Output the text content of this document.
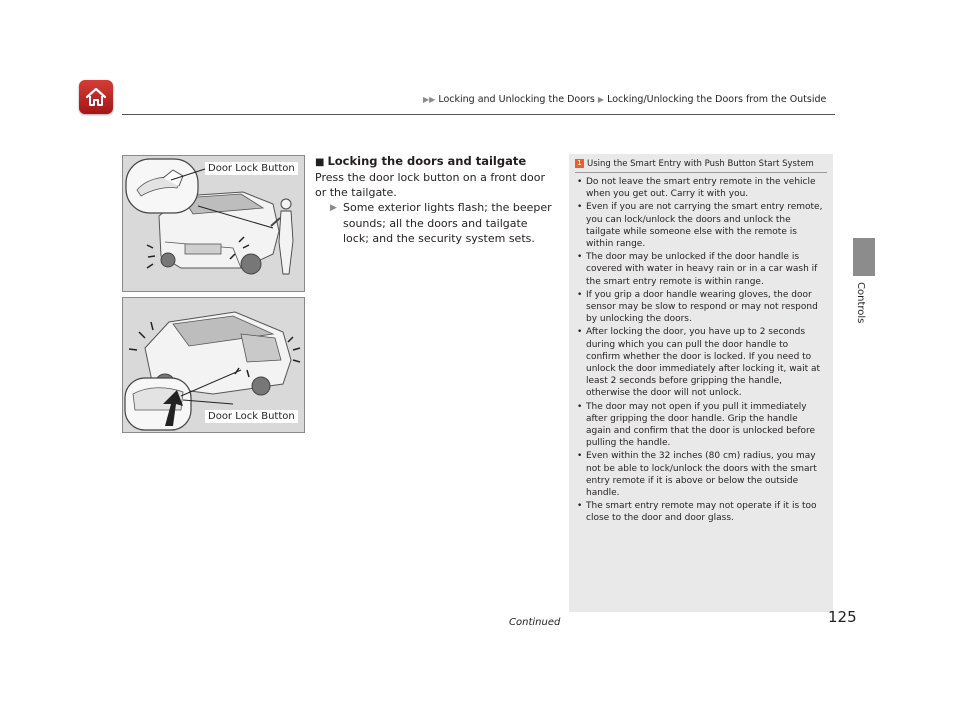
▶▶ Locking and Unlocking the Doors ▶ Locking/Unlocking the Doors from the Outside
Controls
Door Lock Button
Door Lock Button
■ Locking the doors and tailgate
Press the door lock button on a front door or the tailgate.
▶ Some exterior lights flash; the beeper sounds; all the doors and tailgate lock; and the security system sets.
1 Using the Smart Entry with Push Button Start System
• Do not leave the smart entry remote in the vehicle when you get out. Carry it with you.
• Even if you are not carrying the smart entry remote, you can lock/unlock the doors and unlock the tailgate while someone else with the remote is within range.
• The door may be unlocked if the door handle is covered with water in heavy rain or in a car wash if the smart entry remote is within range.
• If you grip a door handle wearing gloves, the door sensor may be slow to respond or may not respond by unlocking the doors.
• After locking the door, you have up to 2 seconds during which you can pull the door handle to confirm whether the door is locked. If you need to unlock the door immediately after locking it, wait at least 2 seconds before gripping the handle, otherwise the door will not unlock.
• The door may not open if you pull it immediately after gripping the door handle. Grip the handle again and confirm that the door is unlocked before pulling the handle.
• Even within the 32 inches (80 cm) radius, you may not be able to lock/unlock the doors with the smart entry remote if it is above or below the outside handle.
• The smart entry remote may not operate if it is too close to the door and door glass.
Continued	125
